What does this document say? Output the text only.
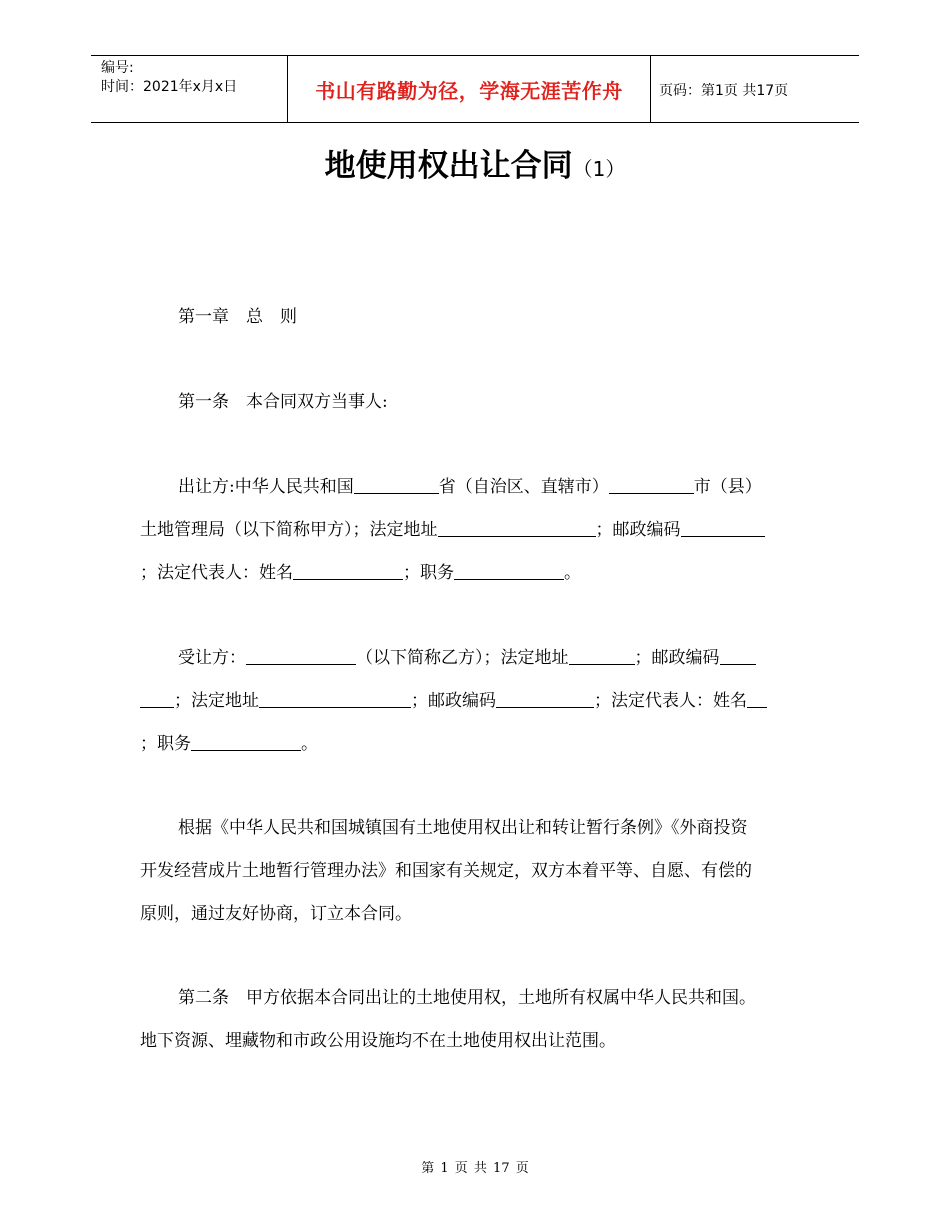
编号:
时间：2021年x月x日	书山有路勤为径，学海无涯苦作舟	页码：第1页 共17页
地使用权出让合同（1）
第一章　总　则
第一条　本合同双方当事人:
出让方:中华人民共和国	省（自治区、直辖市）	市（县）
土地管理局（以下简称甲方）；法定地址	；邮政编码
；法定代表人：姓名	；职务	。
受让方：	（以下简称乙方）；法定地址	；邮政编码
；法定地址	；邮政编码	；法定代表人：姓名
；职务	。
根据《中华人民共和国城镇国有土地使用权出让和转让暂行条例》《外商投资
开发经营成片土地暂行管理办法》和国家有关规定，双方本着平等、自愿、有偿的
原则，通过友好协商，订立本合同。
第二条　甲方依据本合同出让的土地使用权，土地所有权属中华人民共和国。
地下资源、埋藏物和市政公用设施均不在土地使用权出让范围。
第 1 页 共 17 页
